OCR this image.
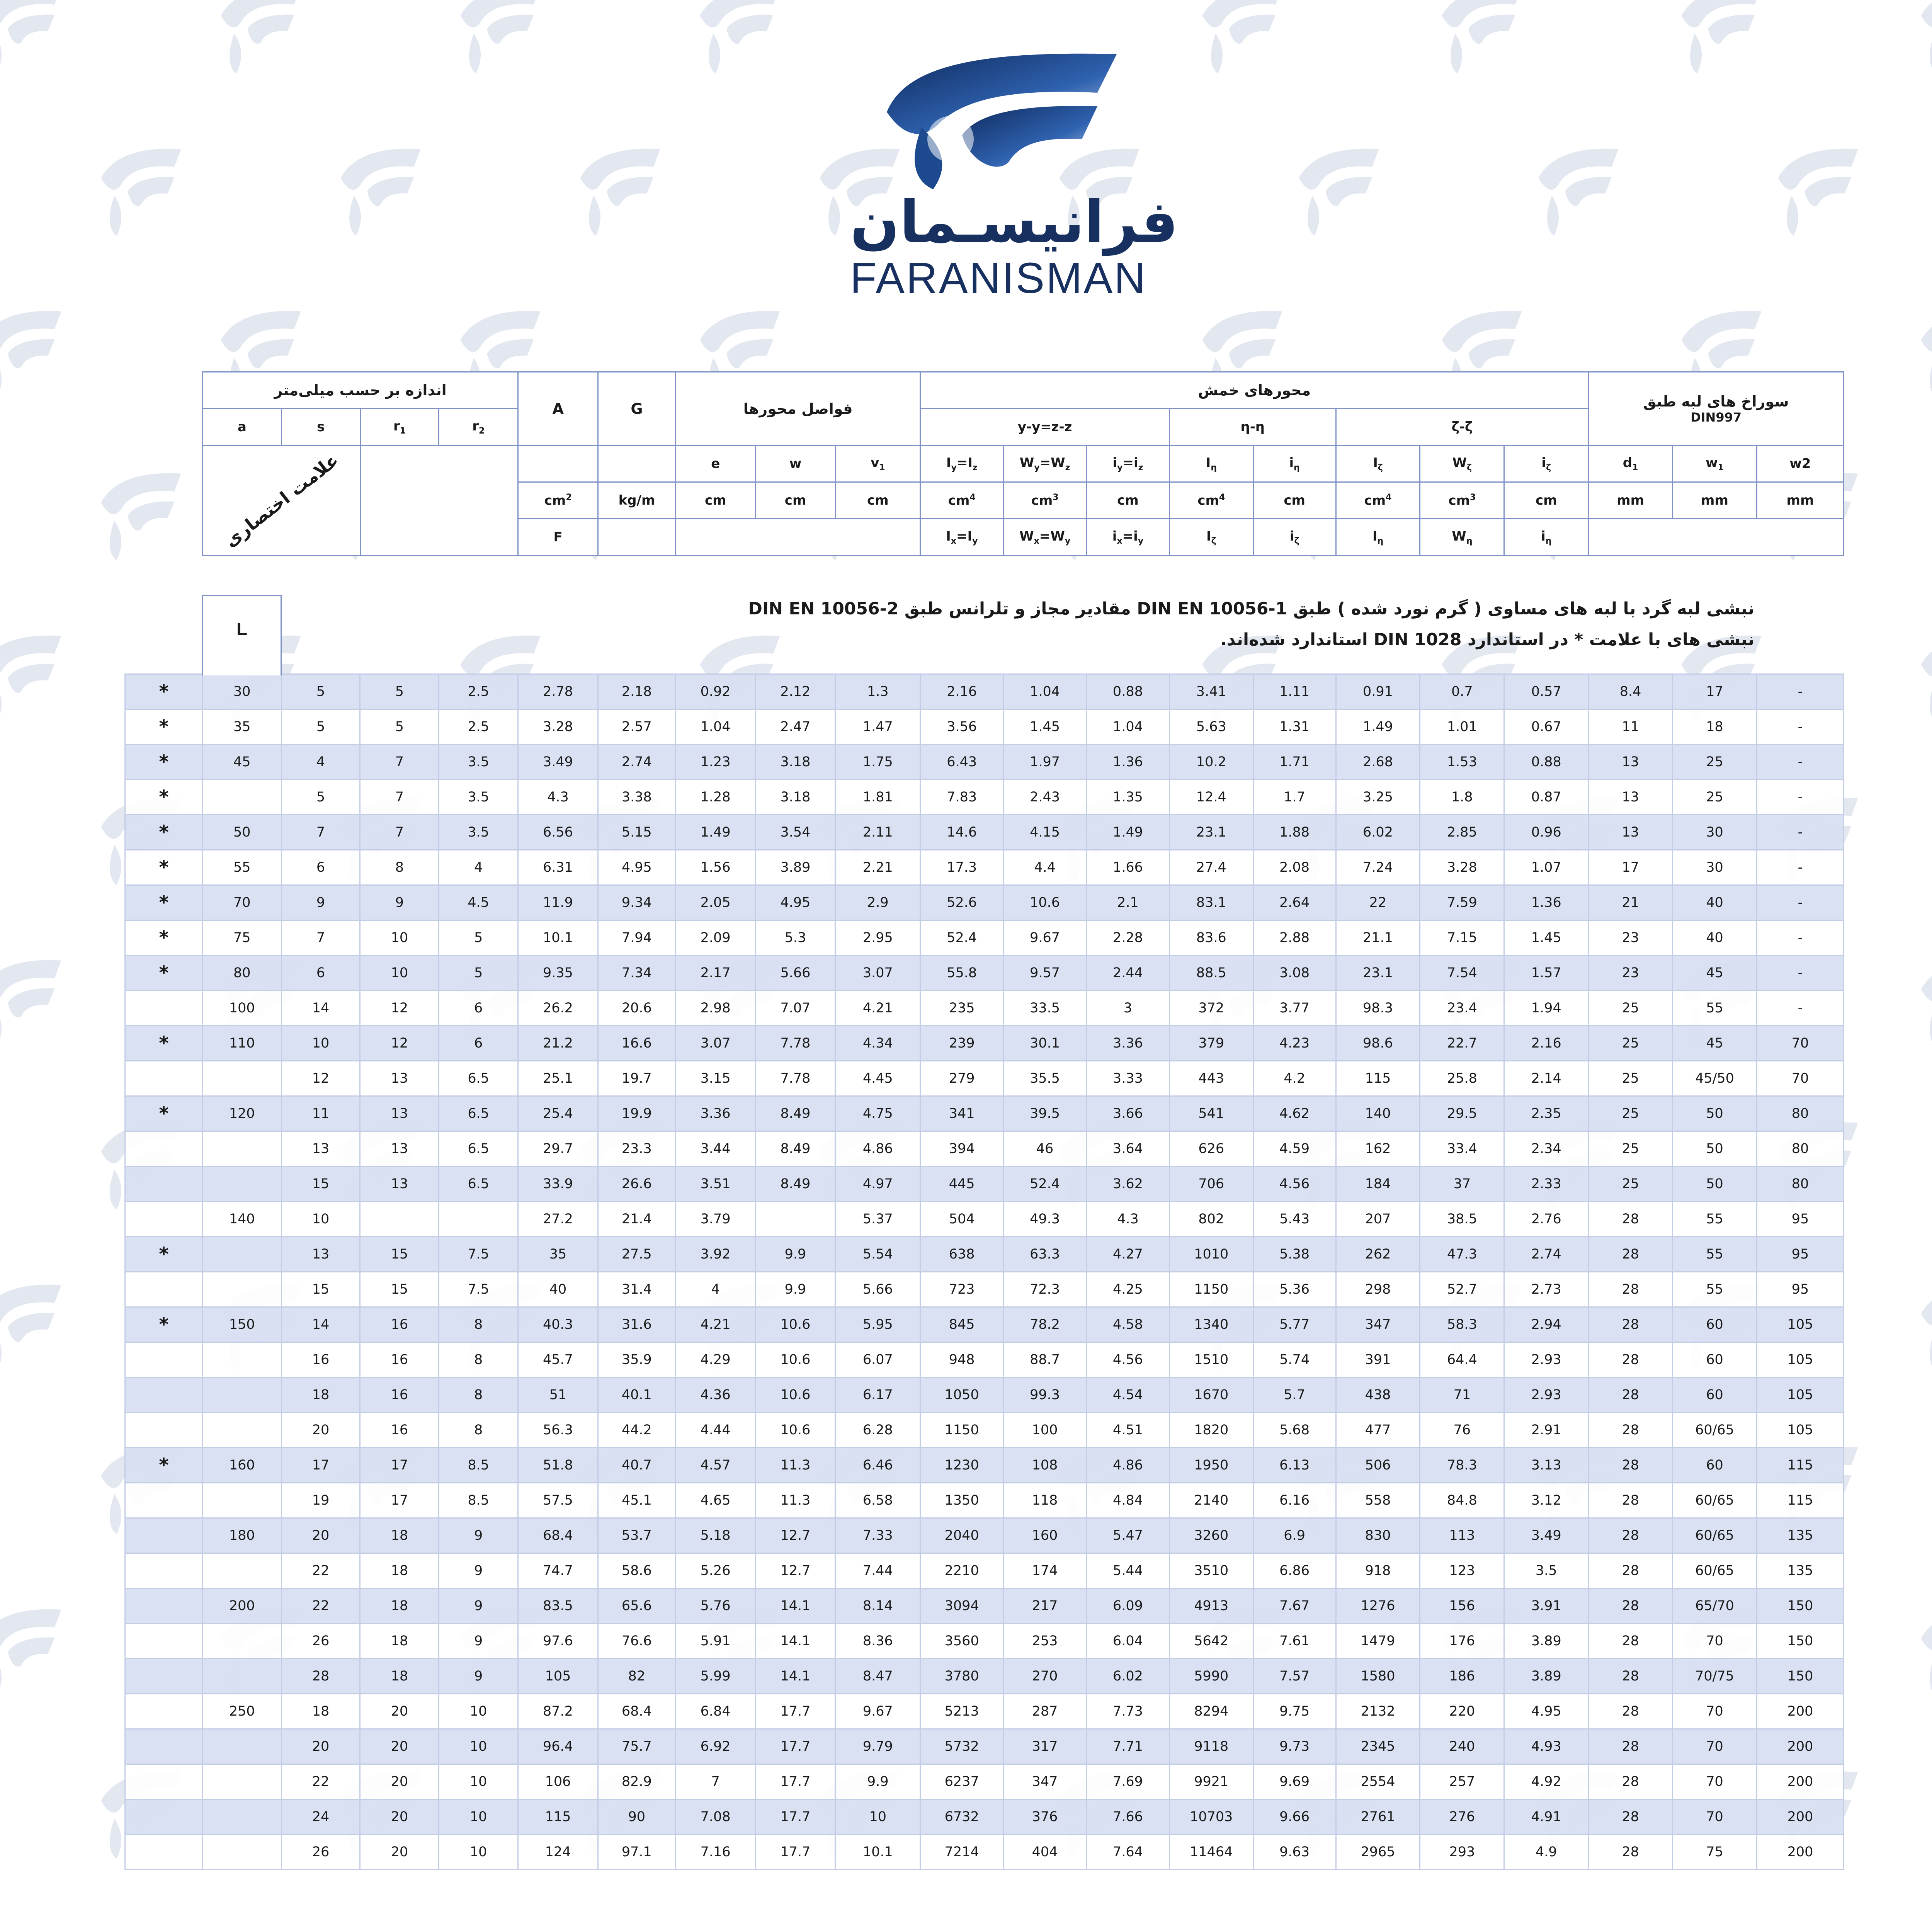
فرانیسـمان
FARANISMAN
اندازه بر حسب میلی‌متر				A	G	فواصل محورها			محورهای خمش								سوراخ های لبه طبق
DIN997		

a	s	$r_1$	$r_2$						y-y=z-z			η-η		ζ-ζ					
علامت اختصاری						e	w	$v_1$	$I_y=I_z$	$W_y=W_z$	$i_y=i_z$	$I_\eta$	$i_\eta$	$I_\zeta$	$W_\zeta$	$i_\zeta$	$d_1$	$w_1$	w2
				$cm^2$	kg/m	cm	cm	cm	$cm^4$	$cm^3$	cm	$cm^4$	cm	$cm^4$	$cm^3$	cm	mm	mm	mm
				F					$I_x=I_y$	$W_x=W_y$	$i_x=i_y$	$I_\zeta$	$i_\zeta$	$I_\eta$	$W_\eta$	$i_\eta$	
L
نبشی لبه گرد با لبه های مساوی ( گرم نورد شده ) طبق DIN EN 10056-1 مقادیر مجاز و تلرانس طبق DIN EN 10056-2
نبشی های با علامت * در استاندارد DIN 1028 استاندارد شده‌اند.
*	30	5	5	2.5	2.78	2.18	0.92	2.12	1.3	2.16	1.04	0.88	3.41	1.11	0.91	0.7	0.57	8.4	17	-
*	35	5	5	2.5	3.28	2.57	1.04	2.47	1.47	3.56	1.45	1.04	5.63	1.31	1.49	1.01	0.67	11	18	-
*	45	4	7	3.5	3.49	2.74	1.23	3.18	1.75	6.43	1.97	1.36	10.2	1.71	2.68	1.53	0.88	13	25	-
*		5	7	3.5	4.3	3.38	1.28	3.18	1.81	7.83	2.43	1.35	12.4	1.7	3.25	1.8	0.87	13	25	-
*	50	7	7	3.5	6.56	5.15	1.49	3.54	2.11	14.6	4.15	1.49	23.1	1.88	6.02	2.85	0.96	13	30	-
*	55	6	8	4	6.31	4.95	1.56	3.89	2.21	17.3	4.4	1.66	27.4	2.08	7.24	3.28	1.07	17	30	-
*	70	9	9	4.5	11.9	9.34	2.05	4.95	2.9	52.6	10.6	2.1	83.1	2.64	22	7.59	1.36	21	40	-
*	75	7	10	5	10.1	7.94	2.09	5.3	2.95	52.4	9.67	2.28	83.6	2.88	21.1	7.15	1.45	23	40	-
*	80	6	10	5	9.35	7.34	2.17	5.66	3.07	55.8	9.57	2.44	88.5	3.08	23.1	7.54	1.57	23	45	-
	100	14	12	6	26.2	20.6	2.98	7.07	4.21	235	33.5	3	372	3.77	98.3	23.4	1.94	25	55	-
*	110	10	12	6	21.2	16.6	3.07	7.78	4.34	239	30.1	3.36	379	4.23	98.6	22.7	2.16	25	45	70
		12	13	6.5	25.1	19.7	3.15	7.78	4.45	279	35.5	3.33	443	4.2	115	25.8	2.14	25	45/50	70
*	120	11	13	6.5	25.4	19.9	3.36	8.49	4.75	341	39.5	3.66	541	4.62	140	29.5	2.35	25	50	80
		13	13	6.5	29.7	23.3	3.44	8.49	4.86	394	46	3.64	626	4.59	162	33.4	2.34	25	50	80
		15	13	6.5	33.9	26.6	3.51	8.49	4.97	445	52.4	3.62	706	4.56	184	37	2.33	25	50	80
	140	10			27.2	21.4	3.79		5.37	504	49.3	4.3	802	5.43	207	38.5	2.76	28	55	95
*		13	15	7.5	35	27.5	3.92	9.9	5.54	638	63.3	4.27	1010	5.38	262	47.3	2.74	28	55	95
		15	15	7.5	40	31.4	4	9.9	5.66	723	72.3	4.25	1150	5.36	298	52.7	2.73	28	55	95
*	150	14	16	8	40.3	31.6	4.21	10.6	5.95	845	78.2	4.58	1340	5.77	347	58.3	2.94	28	60	105
		16	16	8	45.7	35.9	4.29	10.6	6.07	948	88.7	4.56	1510	5.74	391	64.4	2.93	28	60	105
		18	16	8	51	40.1	4.36	10.6	6.17	1050	99.3	4.54	1670	5.7	438	71	2.93	28	60	105
		20	16	8	56.3	44.2	4.44	10.6	6.28	1150	100	4.51	1820	5.68	477	76	2.91	28	60/65	105
*	160	17	17	8.5	51.8	40.7	4.57	11.3	6.46	1230	108	4.86	1950	6.13	506	78.3	3.13	28	60	115
		19	17	8.5	57.5	45.1	4.65	11.3	6.58	1350	118	4.84	2140	6.16	558	84.8	3.12	28	60/65	115
	180	20	18	9	68.4	53.7	5.18	12.7	7.33	2040	160	5.47	3260	6.9	830	113	3.49	28	60/65	135
		22	18	9	74.7	58.6	5.26	12.7	7.44	2210	174	5.44	3510	6.86	918	123	3.5	28	60/65	135
	200	22	18	9	83.5	65.6	5.76	14.1	8.14	3094	217	6.09	4913	7.67	1276	156	3.91	28	65/70	150
		26	18	9	97.6	76.6	5.91	14.1	8.36	3560	253	6.04	5642	7.61	1479	176	3.89	28	70	150
		28	18	9	105	82	5.99	14.1	8.47	3780	270	6.02	5990	7.57	1580	186	3.89	28	70/75	150
	250	18	20	10	87.2	68.4	6.84	17.7	9.67	5213	287	7.73	8294	9.75	2132	220	4.95	28	70	200
		20	20	10	96.4	75.7	6.92	17.7	9.79	5732	317	7.71	9118	9.73	2345	240	4.93	28	70	200
		22	20	10	106	82.9	7	17.7	9.9	6237	347	7.69	9921	9.69	2554	257	4.92	28	70	200
		24	20	10	115	90	7.08	17.7	10	6732	376	7.66	10703	9.66	2761	276	4.91	28	70	200
		26	20	10	124	97.1	7.16	17.7	10.1	7214	404	7.64	11464	9.63	2965	293	4.9	28	75	200
